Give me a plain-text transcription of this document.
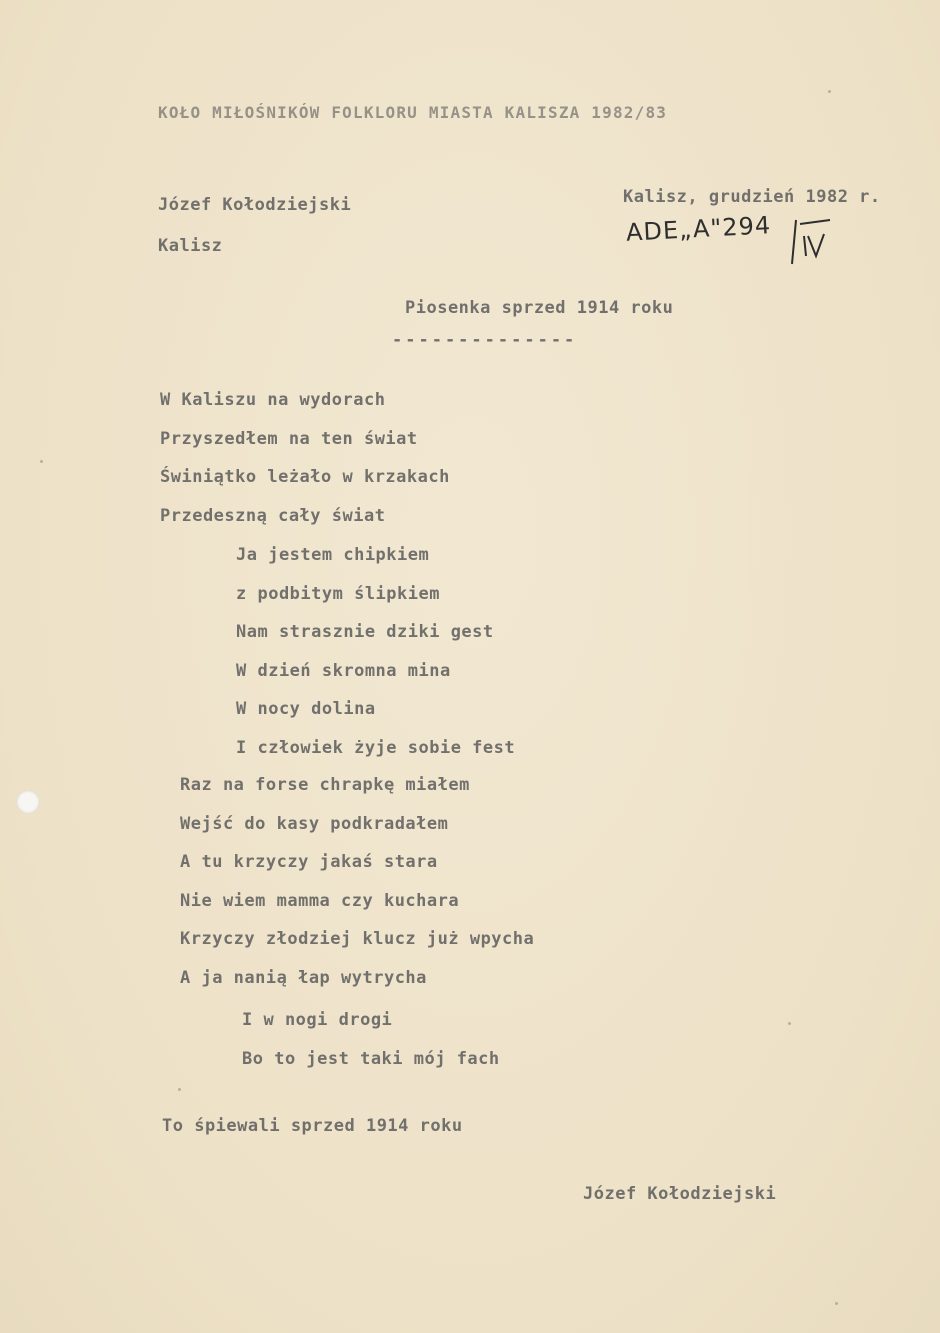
KOŁO MIŁOŚNIKÓW FOLKLORU MIASTA KALISZA 1982/83
Józef Kołodziejski
Kalisz
Kalisz, grudzień 1982 r.
ADE„A"294
Piosenka sprzed 1914 roku
--------------
W Kaliszu na wydorach
Przyszedłem na ten świat
Świniątko leżało w krzakach
Przedeszną cały świat
Ja jestem chipkiem
z podbitym ślipkiem
Nam strasznie dziki gest
W dzień skromna mina
W nocy dolina
I człowiek żyje sobie fest
Raz na forse chrapkę miałem
Wejść do kasy podkradałem
A tu krzyczy jakaś stara
Nie wiem mamma czy kuchara
Krzyczy złodziej klucz już wpycha
A ja nanią łap wytrycha
I w nogi drogi
Bo to jest taki mój fach
To śpiewali sprzed 1914 roku
Józef Kołodziejski
